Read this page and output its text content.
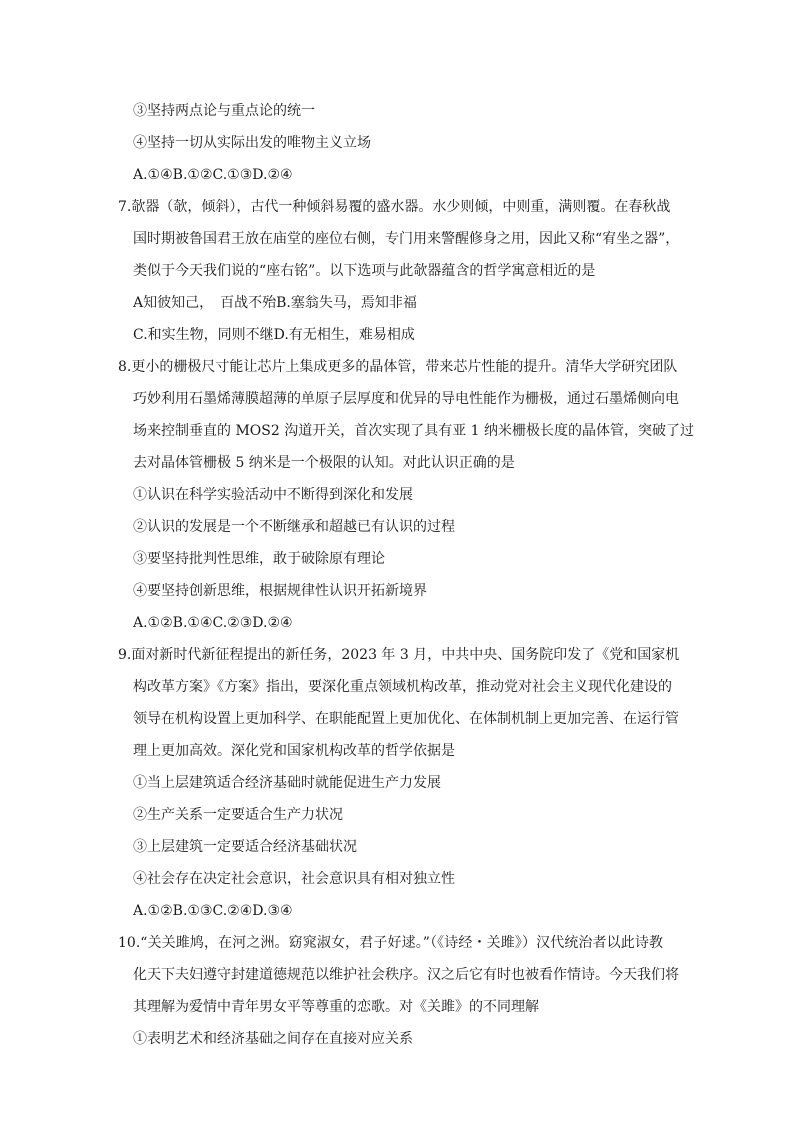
③坚持两点论与重点论的统一
④坚持一切从实际出发的唯物主义立场
A.①④B.①②C.①③D.②④
7.欹器（欹，倾斜），古代一种倾斜易覆的盛水器。水少则倾，中则重，满则覆。在春秋战
国时期被鲁国君王放在庙堂的座位右侧，专门用来警醒修身之用，因此又称“宥坐之器”，
类似于今天我们说的“座右铭”。以下选项与此欹器蕴含的哲学寓意相近的是
A知彼知己，　百战不殆B.塞翁失马，焉知非福
C.和实生物，同则不继D.有无相生，难易相成
8.更小的栅极尺寸能让芯片上集成更多的晶体管，带来芯片性能的提升。清华大学研究团队
巧妙利用石墨烯薄膜超薄的单原子层厚度和优异的导电性能作为栅极，通过石墨烯侧向电
场来控制垂直的 MOS2 沟道开关，首次实现了具有亚 1 纳米栅极长度的晶体管，突破了过
去对晶体管栅极 5 纳米是一个极限的认知。对此认识正确的是
①认识在科学实验活动中不断得到深化和发展
②认识的发展是一个不断继承和超越已有认识的过程
③要坚持批判性思维，敢于破除原有理论
④要坚持创新思维，根据规律性认识开拓新境界
A.①②B.①④C.②③D.②④
9.面对新时代新征程提出的新任务，2023 年 3 月，中共中央、国务院印发了《党和国家机
构改革方案》《方案》指出，要深化重点领域机构改革，推动党对社会主义现代化建设的
领导在机构设置上更加科学、在职能配置上更加优化、在体制机制上更加完善、在运行管
理上更加高效。深化党和国家机构改革的哲学依据是
①当上层建筑适合经济基础时就能促进生产力发展
②生产关系一定要适合生产力状况
③上层建筑一定要适合经济基础状况
④社会存在决定社会意识，社会意识具有相对独立性
A.①②B.①③C.②④D.③④
10.“关关雎鸠，在河之洲。窈窕淑女，君子好逑。”（《诗经・关雎》）汉代统治者以此诗教
化天下夫妇遵守封建道德规范以维护社会秩序。汉之后它有时也被看作情诗。今天我们将
其理解为爱情中青年男女平等尊重的恋歌。对《关雎》的不同理解
①表明艺术和经济基础之间存在直接对应关系
